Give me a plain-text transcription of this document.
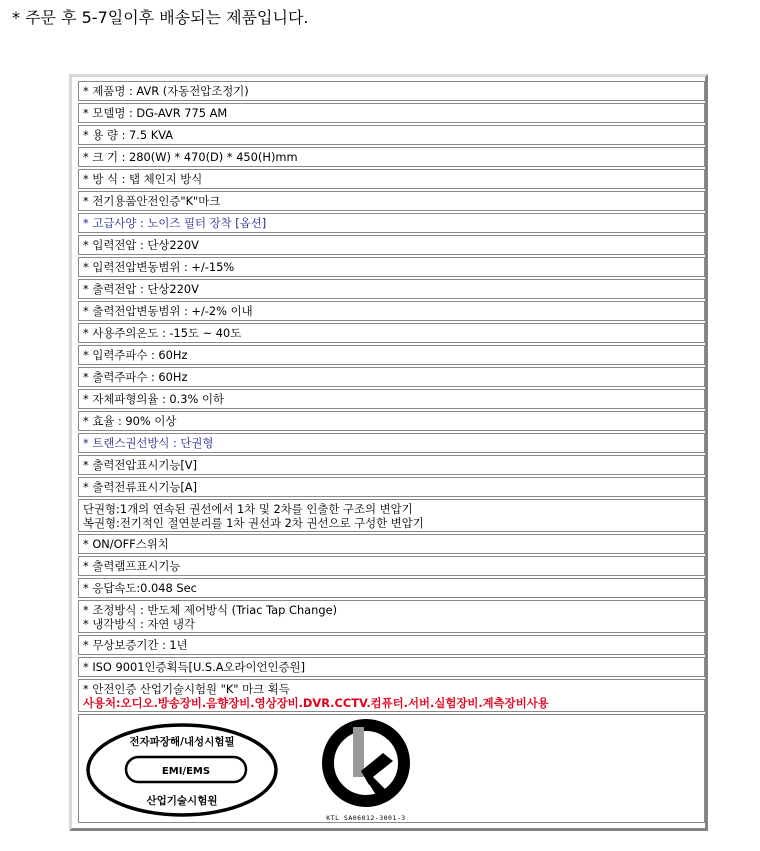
* 주문 후 5-7일이후 배송되는 제품입니다.
* 제품명 : AVR (자동전압조정기)
* 모델명 : DG-AVR 775 AM
* 용 량 : 7.5 KVA
* 크 기 : 280(W) * 470(D) * 450(H)mm
* 방 식 : 탭 체인지 방식
* 전기용품안전인증"K"마크
* 고급사양 : 노이즈 필터 장착 [옵션]
* 입력전압 : 단상220V
* 입력전압변동범위 : +/-15%
* 출력전압 : 단상220V
* 출력전압변동범위 : +/-2% 이내
* 사용주의온도 : -15도 ~ 40도
* 입력주파수 : 60Hz
* 출력주파수 : 60Hz
* 자체파형의율 : 0.3% 이하
* 효율 : 90% 이상
* 트랜스권선방식 : 단권형
* 출력전압표시기능[V]
* 출력전류표시기능[A]
단권형:1개의 연속된 권선에서 1차 및 2차를 인출한 구조의 변압기
복권형:전기적인 절연분리를 1차 권선과 2차 권선으로 구성한 변압기
* ON/OFF스위치
* 출력램프표시기능
* 응답속도:0.048 Sec
* 조정방식 : 반도체 제어방식 (Triac Tap Change)
* 냉각방식 : 자연 냉각
* 무상보증기간 : 1년
* ISO 9001인증획득[U.S.A오라이언인증원]
* 안전인증 산업기술시험원 "K" 마크 획득
사용처:오디오.방송장비.음향장비.영상장비.DVR.CCTV.컴퓨터.서버.실험장비.계측장비사용
전자파장해/내성시험필
EMI/EMS
산업기술시험원
KTL SA06012-3001-3
